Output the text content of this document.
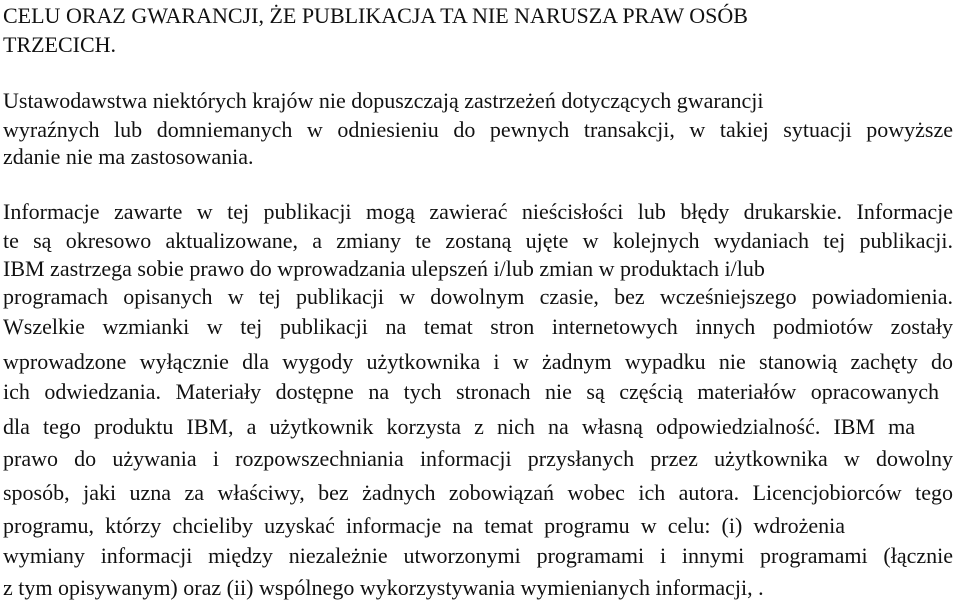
CELU ORAZ GWARANCJI, ŻE PUBLIKACJA TA NIE NARUSZA PRAW OSÓB
TRZECICH.
Ustawodawstwa niektórych krajów nie dopuszczają zastrzeżeń dotyczących gwarancji
wyraźnych lub domniemanych w odniesieniu do pewnych transakcji, w takiej sytuacji powyższe
zdanie nie ma zastosowania.
Informacje zawarte w tej publikacji mogą zawierać nieścisłości lub błędy drukarskie. Informacje
te są okresowo aktualizowane, a zmiany te zostaną ujęte w kolejnych wydaniach tej publikacji.
IBM zastrzega sobie prawo do wprowadzania ulepszeń i/lub zmian w produktach i/lub
programach opisanych w tej publikacji w dowolnym czasie, bez wcześniejszego powiadomienia.
Wszelkie wzmianki w tej publikacji na temat stron internetowych innych podmiotów zostały
wprowadzone wyłącznie dla wygody użytkownika i w żadnym wypadku nie stanowią zachęty do
ich odwiedzania. Materiały dostępne na tych stronach nie są częścią materiałów opracowanych
dla tego produktu IBM, a użytkownik korzysta z nich na własną odpowiedzialność. IBM ma
prawo do używania i rozpowszechniania informacji przysłanych przez użytkownika w dowolny
sposób, jaki uzna za właściwy, bez żadnych zobowiązań wobec ich autora. Licencjobiorców tego
programu, którzy chcieliby uzyskać informacje na temat programu w celu: (i) wdrożenia
wymiany informacji między niezależnie utworzonymi programami i innymi programami (łącznie
z tym opisywanym) oraz (ii) wspólnego wykorzystywania wymienianych informacji, .
